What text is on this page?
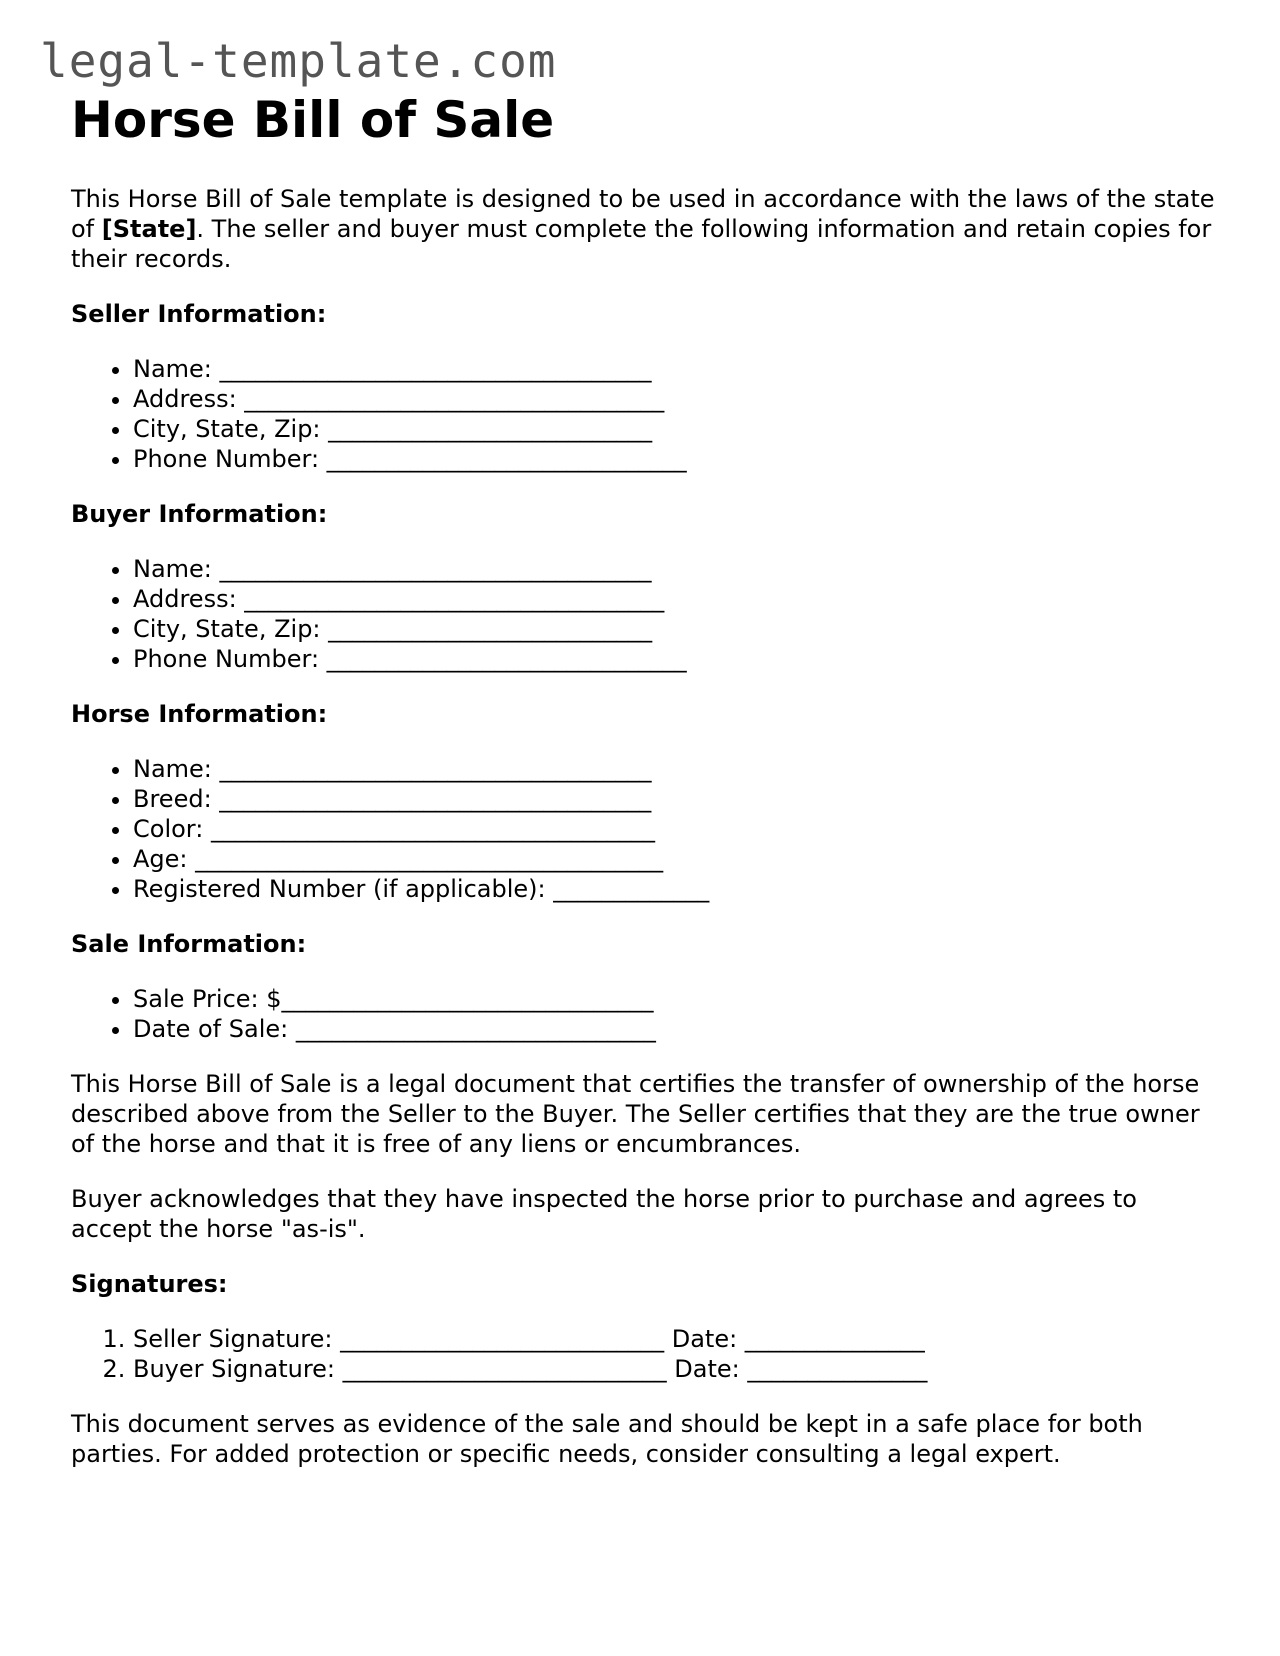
legal-template.com
Horse Bill of Sale

This Horse Bill of Sale template is designed to be used in accordance with the laws of the state of [State]. The seller and buyer must complete the following information and retain copies for their records.

Seller Information:
• Name: ____________________________________
• Address: ___________________________________
• City, State, Zip: ___________________________
• Phone Number: ______________________________
Buyer Information:
• Name: ____________________________________
• Address: ___________________________________
• City, State, Zip: ___________________________
• Phone Number: ______________________________
Horse Information:
• Name: ____________________________________
• Breed: ____________________________________
• Color: _____________________________________
• Age: _______________________________________
• Registered Number (if applicable): _____________
Sale Information:
• Sale Price: $_______________________________
• Date of Sale: ______________________________

This Horse Bill of Sale is a legal document that certifies the transfer of ownership of the horse described above from the Seller to the Buyer. The Seller certifies that they are the true owner of the horse and that it is free of any liens or encumbrances.

Buyer acknowledges that they have inspected the horse prior to purchase and agrees to accept the horse "as-is".

Signatures:
1. Seller Signature: ___________________________ Date: _______________
2. Buyer Signature: ___________________________ Date: _______________

This document serves as evidence of the sale and should be kept in a safe place for both parties. For added protection or specific needs, consider consulting a legal expert.
